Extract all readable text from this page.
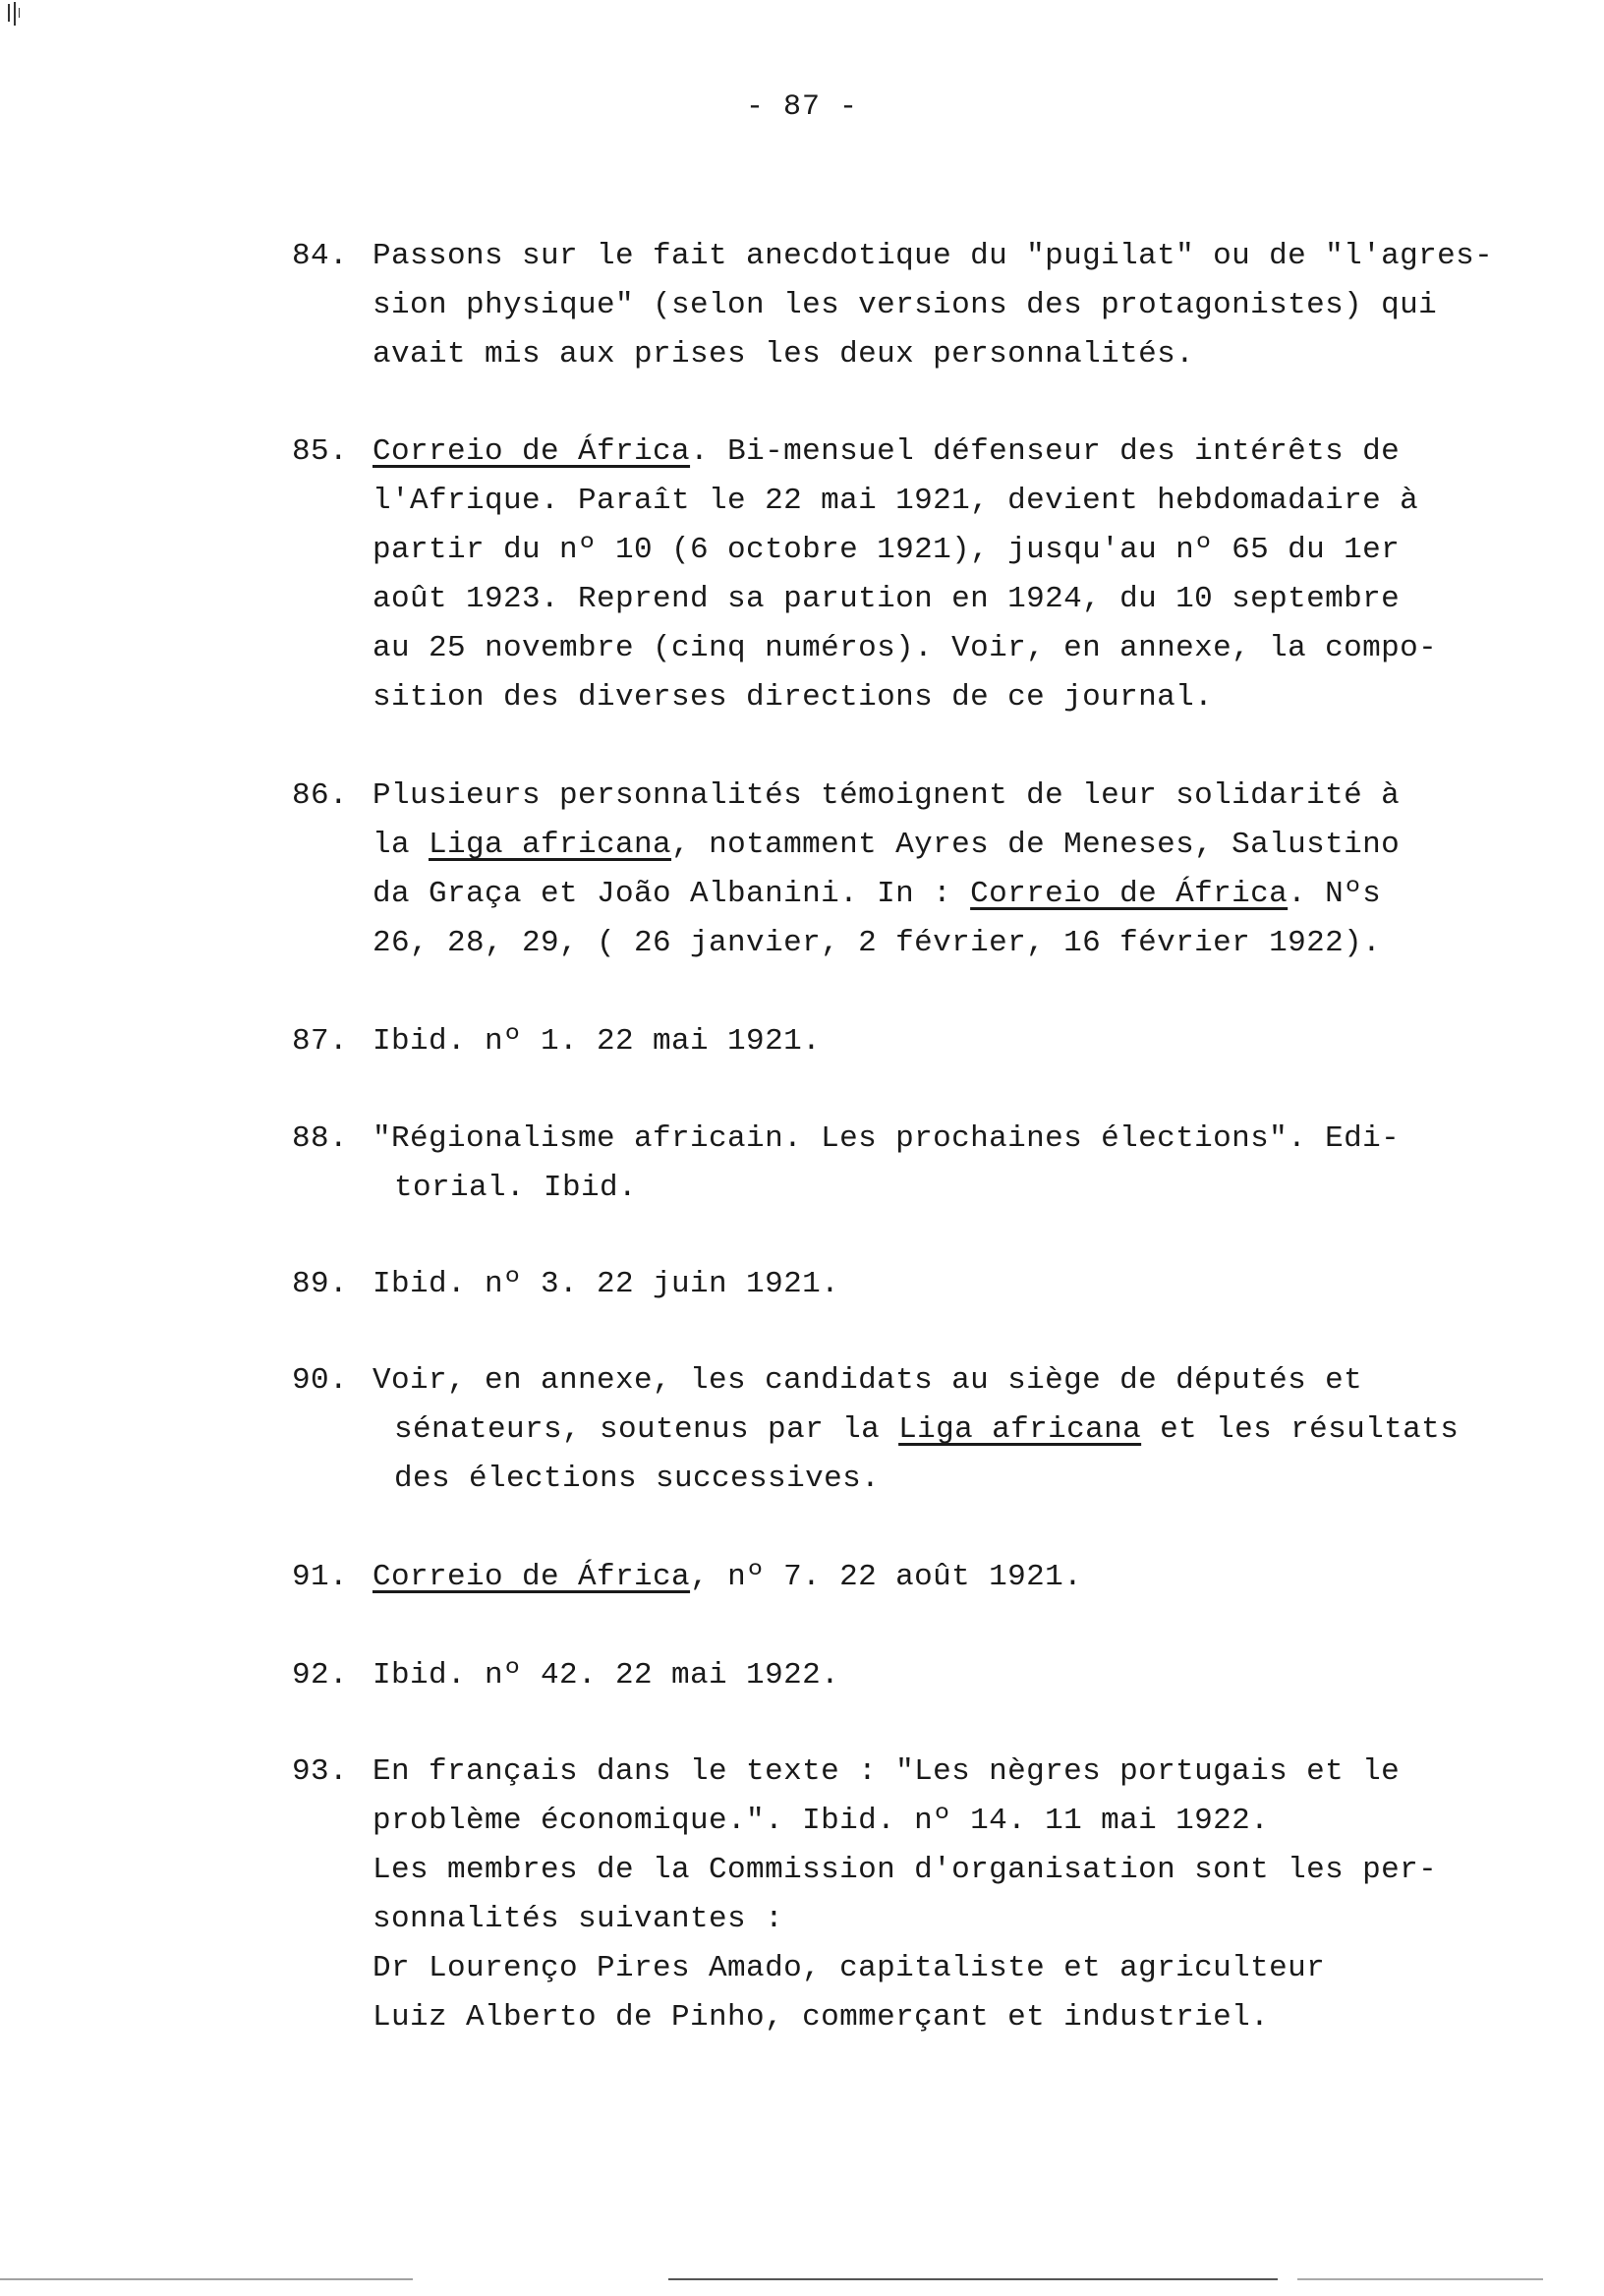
- 87 -
84. Passons sur le fait anecdotique du "pugilat" ou de "l'agres-
sion physique" (selon les versions des protagonistes) qui
avait mis aux prises les deux personnalités.
85. Correio de África. Bi-mensuel défenseur des intérêts de
l'Afrique. Paraît le 22 mai 1921, devient hebdomadaire à
partir du nº 10 (6 octobre 1921), jusqu'au nº 65 du 1er
août 1923. Reprend sa parution en 1924, du 10 septembre
au 25 novembre (cinq numéros). Voir, en annexe, la compo-
sition des diverses directions de ce journal.
86. Plusieurs personnalités témoignent de leur solidarité à
la Liga africana, notamment Ayres de Meneses, Salustino
da Graça et João Albanini. In : Correio de África. Nºs
26, 28, 29, ( 26 janvier, 2 février, 16 février 1922).
87. Ibid. nº 1. 22 mai 1921.
88. "Régionalisme africain. Les prochaines élections". Edi-
torial. Ibid.
89. Ibid. nº 3. 22 juin 1921.
90. Voir, en annexe, les candidats au siège de députés et
sénateurs, soutenus par la Liga africana et les résultats
des élections successives.
91. Correio de África, nº 7. 22 août 1921.
92. Ibid. nº 42. 22 mai 1922.
93. En français dans le texte : "Les nègres portugais et le
problème économique.". Ibid. nº 14. 11 mai 1922.
Les membres de la Commission d'organisation sont les per-
sonnalités suivantes :
Dr Lourenço Pires Amado, capitaliste et agriculteur
Luiz Alberto de Pinho, commerçant et industriel.
